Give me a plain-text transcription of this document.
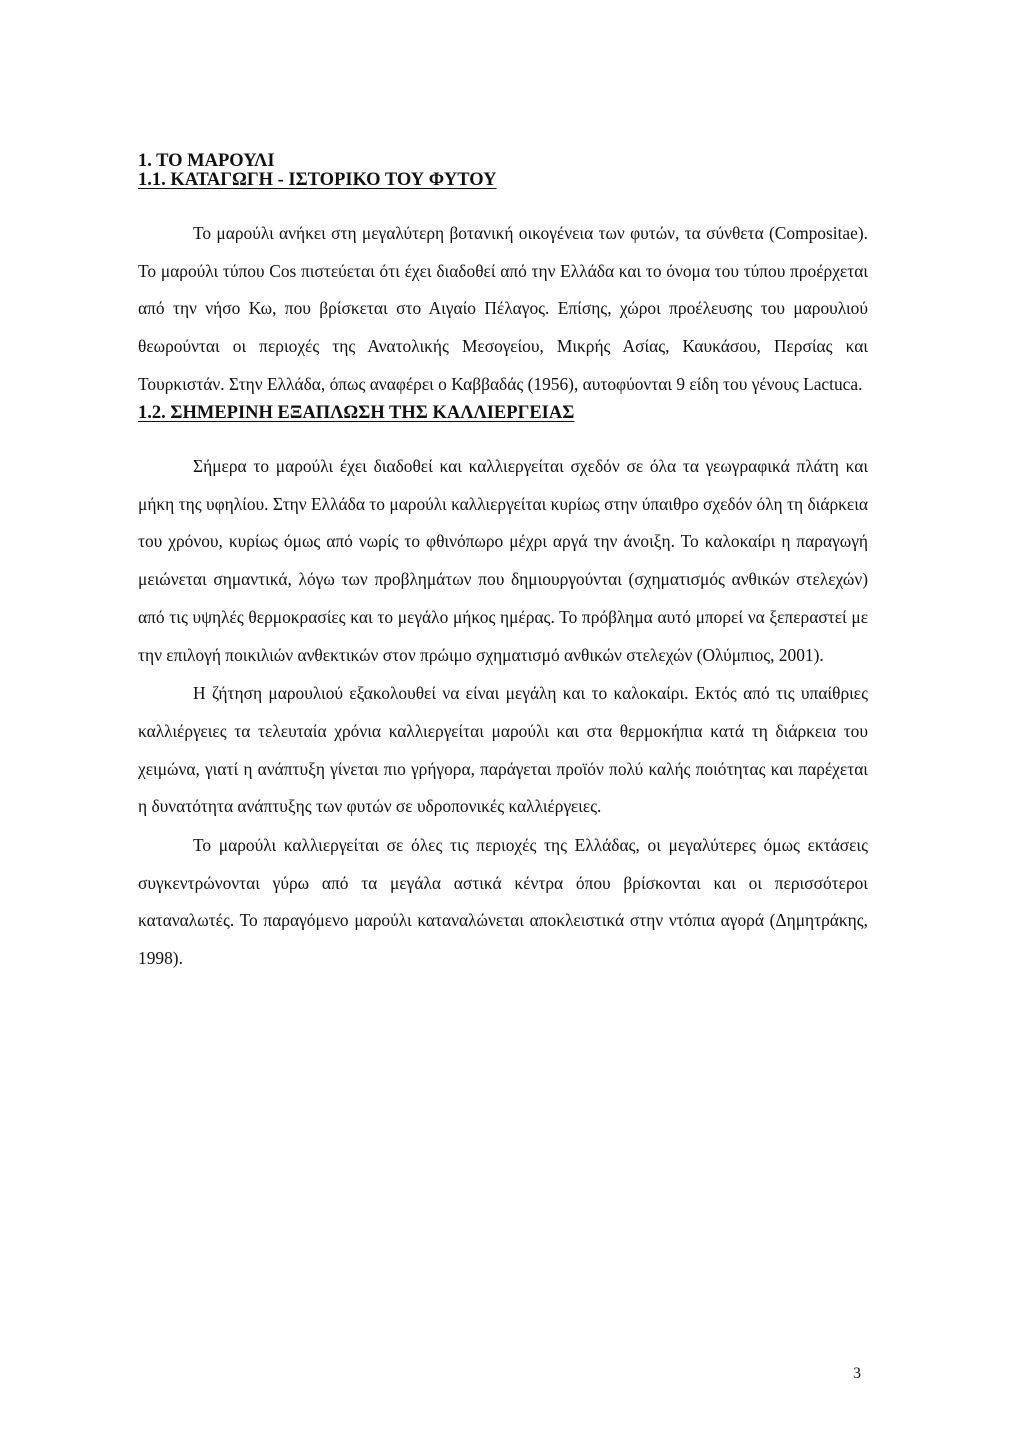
1. ΤΟ ΜΑΡΟΥΛΙ
1.1. ΚΑΤΑΓΩΓΗ - ΙΣΤΟΡΙΚΟ ΤΟΥ ΦΥΤΟΥ

Το μαρούλι ανήκει στη μεγαλύτερη βοτανική οικογένεια των φυτών, τα σύνθετα (Compositae). Το μαρούλι τύπου Cos πιστεύεται ότι έχει διαδοθεί από την Ελλάδα και το όνομα του τύπου προέρχεται από την νήσο Κω, που βρίσκεται στο Αιγαίο Πέλαγος. Επίσης, χώροι προέλευσης του μαρουλιού θεωρούνται οι περιοχές της Ανατολικής Μεσογείου, Μικρής Ασίας, Καυκάσου, Περσίας και Τουρκιστάν. Στην Ελλάδα, όπως αναφέρει ο Καββαδάς (1956), αυτοφύονται 9 είδη του γένους Lactuca.

1.2. ΣΗΜΕΡΙΝΗ ΕΞΑΠΛΩΣΗ ΤΗΣ ΚΑΛΛΙΕΡΓΕΙΑΣ

Σήμερα το μαρούλι έχει διαδοθεί και καλλιεργείται σχεδόν σε όλα τα γεωγραφικά πλάτη και μήκη της υφηλίου. Στην Ελλάδα το μαρούλι καλλιεργείται κυρίως στην ύπαιθρο σχεδόν όλη τη διάρκεια του χρόνου, κυρίως όμως από νωρίς το φθινόπωρο μέχρι αργά την άνοιξη. Το καλοκαίρι η παραγωγή μειώνεται σημαντικά, λόγω των προβλημάτων που δημιουργούνται (σχηματισμός ανθικών στελεχών) από τις υψηλές θερμοκρασίες και το μεγάλο μήκος ημέρας. Το πρόβλημα αυτό μπορεί να ξεπεραστεί με την επιλογή ποικιλιών ανθεκτικών στον πρώιμο σχηματισμό ανθικών στελεχών (Ολύμπιος, 2001).

Η ζήτηση μαρουλιού εξακολουθεί να είναι μεγάλη και το καλοκαίρι. Εκτός από τις υπαίθριες καλλιέργειες τα τελευταία χρόνια καλλιεργείται μαρούλι και στα θερμοκήπια κατά τη διάρκεια του χειμώνα, γιατί η ανάπτυξη γίνεται πιο γρήγορα, παράγεται προϊόν πολύ καλής ποιότητας και παρέχεται η δυνατότητα ανάπτυξης των φυτών σε υδροπονικές καλλιέργειες.

Το μαρούλι καλλιεργείται σε όλες τις περιοχές της Ελλάδας, οι μεγαλύτερες όμως εκτάσεις συγκεντρώνονται γύρω από τα μεγάλα αστικά κέντρα όπου βρίσκονται και οι περισσότεροι καταναλωτές. Το παραγόμενο μαρούλι καταναλώνεται αποκλειστικά στην ντόπια αγορά (Δημητράκης, 1998).

3
